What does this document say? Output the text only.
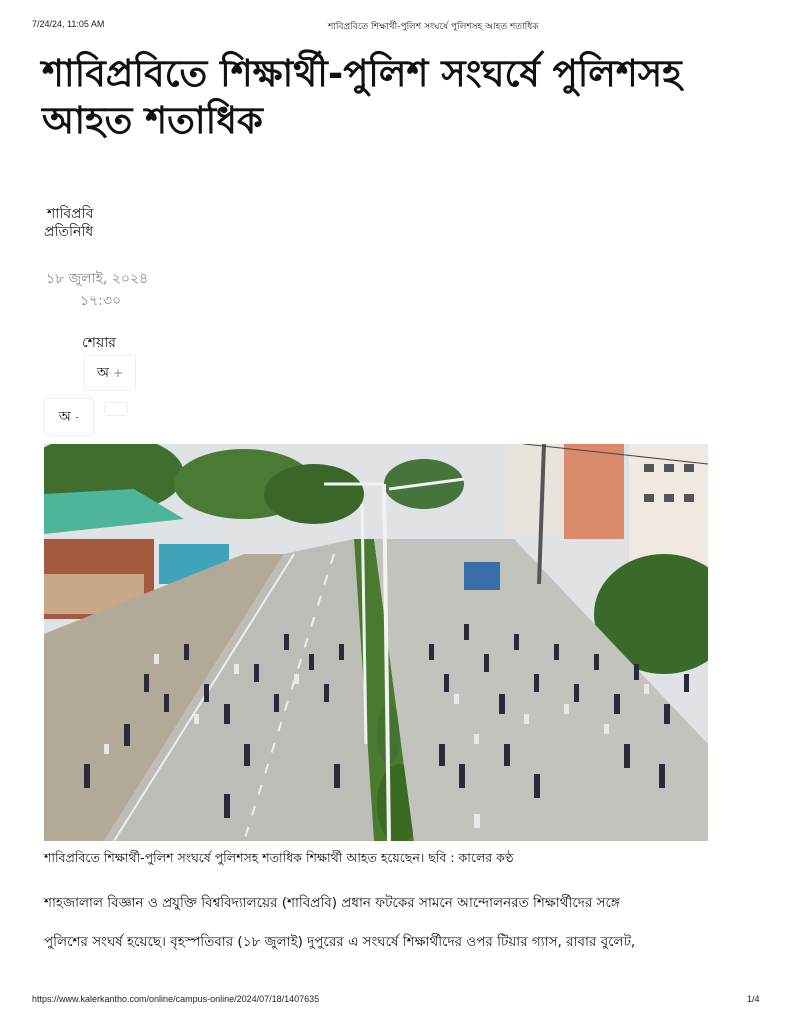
7/24/24, 11:05 AM	শাবিপ্রবিতে শিক্ষার্থী-পুলিশ সংঘর্ষে পুলিশসহ আহত শতাধিক
শাবিপ্রবিতে শিক্ষার্থী-পুলিশ সংঘর্ষে পুলিশসহ আহত শতাধিক
শাবিপ্রবি
প্রতিনিধি
১৮ জুলাই, ২০২৪
১৭:৩০
শেয়ার
অ +
অ -
শাবিপ্রবিতে শিক্ষার্থী-পুলিশ সংঘর্ষে পুলিশসহ শতাধিক শিক্ষার্থী আহত হয়েছেন। ছবি : কালের কণ্ঠ
শাহজালাল বিজ্ঞান ও প্রযুক্তি বিশ্ববিদ্যালয়ের (শাবিপ্রবি) প্রধান ফটকের সামনে আন্দোলনরত শিক্ষার্থীদের সঙ্গে
পুলিশের সংঘর্ষ হয়েছে। বৃহস্পতিবার (১৮ জুলাই) দুপুরের এ সংঘর্ষে শিক্ষার্থীদের ওপর টিয়ার গ্যাস, রাবার বুলেট,
https://www.kalerkantho.com/online/campus-online/2024/07/18/1407635	1/4
